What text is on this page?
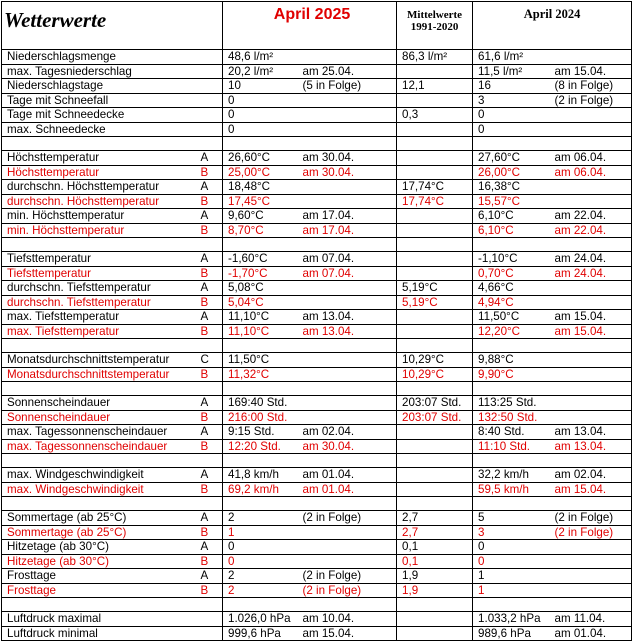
Wetterwerte		April 2025		Mittelwerte
1991-2020	April 2024	
Niederschlagsmenge		48,6 l/m²		86,3 l/m²	61,6 l/m²	
max. Tagesniederschlag		20,2 l/m²	am 25.04.		11,5 l/m²	am 15.04.
Niederschlagstage		10	(5 in Folge)	12,1	16	(8 in Folge)
Tage mit Schneefall		0			3	(2 in Folge)
Tage mit Schneedecke		0		0,3	0	
max. Schneedecke		0			0	

Höchsttemperatur	A	26,60°C	am 30.04.		27,60°C	am 06.04.
Höchsttemperatur	B	25,00°C	am 30.04.		26,00°C	am 06.04.
durchschn. Höchsttemperatur	A	18,48°C		17,74°C	16,38°C	
durchschn. Höchsttemperatur	B	17,45°C		17,74°C	15,57°C	
min. Höchsttemperatur	A	9,60°C	am 17.04.		6,10°C	am 22.04.
min. Höchsttemperatur	B	8,70°C	am 17.04.		6,10°C	am 22.04.

Tiefsttemperatur	A	-1,60°C	am 07.04.		-1,10°C	am 24.04.
Tiefsttemperatur	B	-1,70°C	am 07.04.		0,70°C	am 24.04.
durchschn. Tiefsttemperatur	A	5,08°C		5,19°C	4,66°C	
durchschn. Tiefsttemperatur	B	5,04°C		5,19°C	4,94°C	
max. Tiefsttemperatur	A	11,10°C	am 13.04.		11,50°C	am 15.04.
max. Tiefsttemperatur	B	11,10°C	am 13.04.		12,20°C	am 15.04.

Monatsdurchschnittstemperatur	C	11,50°C		10,29°C	9,88°C	
Monatsdurchschnittstemperatur	B	11,32°C		10,29°C	9,90°C	

Sonnenscheindauer	A	169:40 Std.		203:07 Std.	113:25 Std.	
Sonnenscheindauer	B	216:00 Std.		203:07 Std.	132:50 Std.	
max. Tagessonnenscheindauer	A	9:15 Std.	am 02.04.		8:40 Std.	am 13.04.
max. Tagessonnenscheindauer	B	12:20 Std.	am 30.04.		11:10 Std.	am 13.04.

max. Windgeschwindigkeit	A	41,8 km/h	am 01.04.		32,2 km/h	am 02.04.
max. Windgeschwindigkeit	B	69,2 km/h	am 01.04.		59,5 km/h	am 15.04.

Sommertage (ab 25°C)	A	2	(2 in Folge)	2,7	5	(2 in Folge)
Sommertage (ab 25°C)	B	1		2,7	3	(2 in Folge)
Hitzetage (ab 30°C)	A	0		0,1	0	
Hitzetage (ab 30°C)	B	0		0,1	0	
Frosttage	A	2	(2 in Folge)	1,9	1	
Frosttage	B	2	(2 in Folge)	1,9	1	

Luftdruck maximal		1.026,0 hPa	am 10.04.		1.033,2 hPa	am 11.04.
Luftdruck minimal		999,6 hPa	am 15.04.		989,6 hPa	am 01.04.
